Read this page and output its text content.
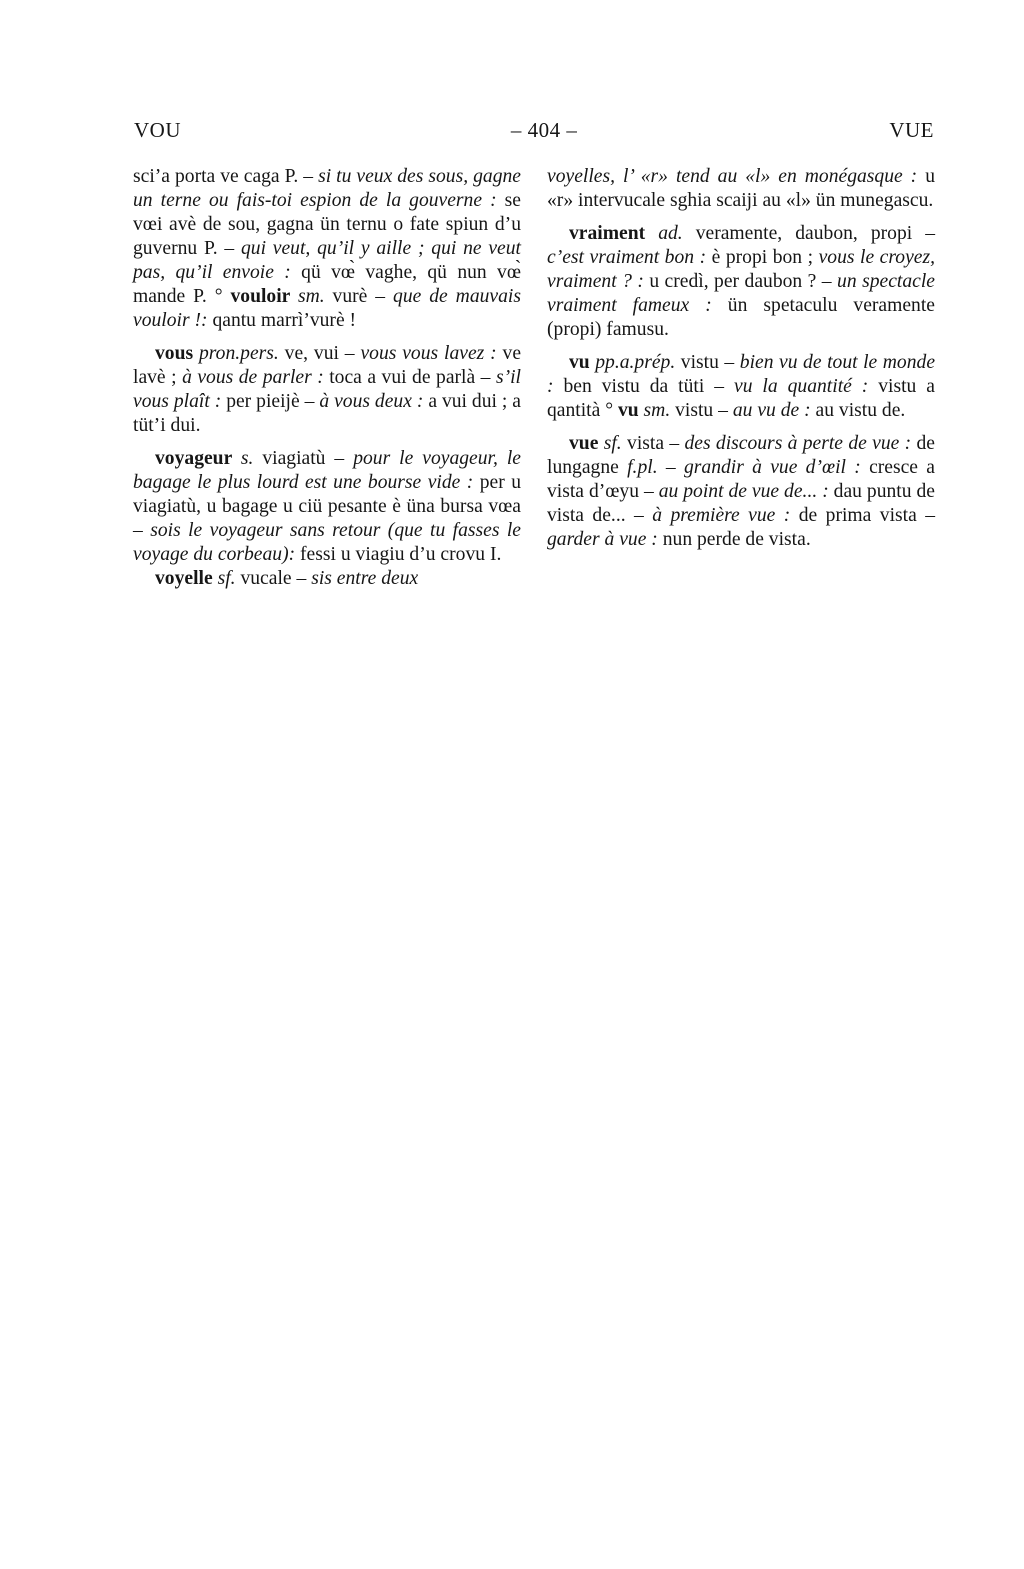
VOU	– 404 –	VUE

sci’a porta ve caga P. – si tu veux des sous, gagne un terne ou fais-toi espion de la gouverne : se vœi avè de sou, gagna ün ternu o fate spiun d’u guvernu P. – qui veut, qu’il y aille ; qui ne veut pas, qu’il envoie : qü vœ̀ vaghe, qü nun vœ̀ mande P. ° vouloir sm. vurè – que de mauvais vouloir !: qantu marrì’vurè !

vous pron.pers. ve, vui – vous vous lavez : ve lavè ; à vous de parler : toca a vui de parlà – s’il vous plaît : per pieijè – à vous deux : a vui dui ; a tüt’i dui.

voyageur s. viagiatù – pour le voyageur, le bagage le plus lourd est une bourse vide : per u viagiatù, u bagage u ciü pesante è üna bursa vœa – sois le voyageur sans retour (que tu fasses le voyage du corbeau): fessi u viagiu d’u crovu I.

voyelle sf. vucale – sis entre deux

voyelles, l’ «r» tend au «l» en monégasque : u «r» intervucale sghia scaiji au «l» ün munegascu.

vraiment ad. veramente, daubon, propi – c’est vraiment bon : è propi bon ; vous le croyez, vraiment ? : u credì, per daubon ? – un spectacle vraiment fameux : ün spetaculu veramente (propi) famusu.

vu pp.a.prép. vistu – bien vu de tout le monde : ben vistu da tüti – vu la quantité : vistu a qantità ° vu sm. vistu – au vu de : au vistu de.

vue sf. vista – des discours à perte de vue : de lungagne f.pl. – grandir à vue d’œil : cresce a vista d’œyu – au point de vue de... : dau puntu de vista de... – à première vue : de prima vista – garder à vue : nun perde de vista.
